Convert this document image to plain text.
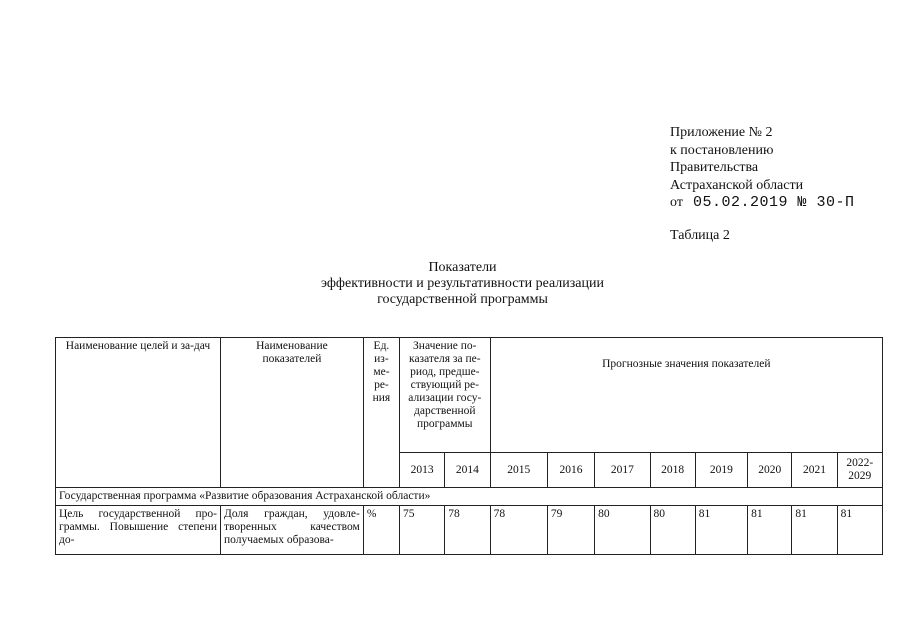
Приложение № 2
к постановлению
Правительства
Астраханской области
от 05.02.2019 № 30-П
Таблица 2
Показатели
эффективности и результативности реализации
государственной программы
Наименование целей и за-дач	Наименование показателей	Ед. из-ме-ре-ния	Значение по-казателя за пе-риод, предше-ствующий ре-ализации госу-дарственной программы		Прогнозные значения показателей							
			2013	2014	2015	2016	2017	2018	2019	2020	2021	2022-2029
Государственная программа «Развитие образования Астраханской области»												
Цель государственной про-граммы. Повышение степени до-	Доля граждан, удовле-творенных качеством получаемых образова-	%	75	78	78	79	80	80	81	81	81	81
